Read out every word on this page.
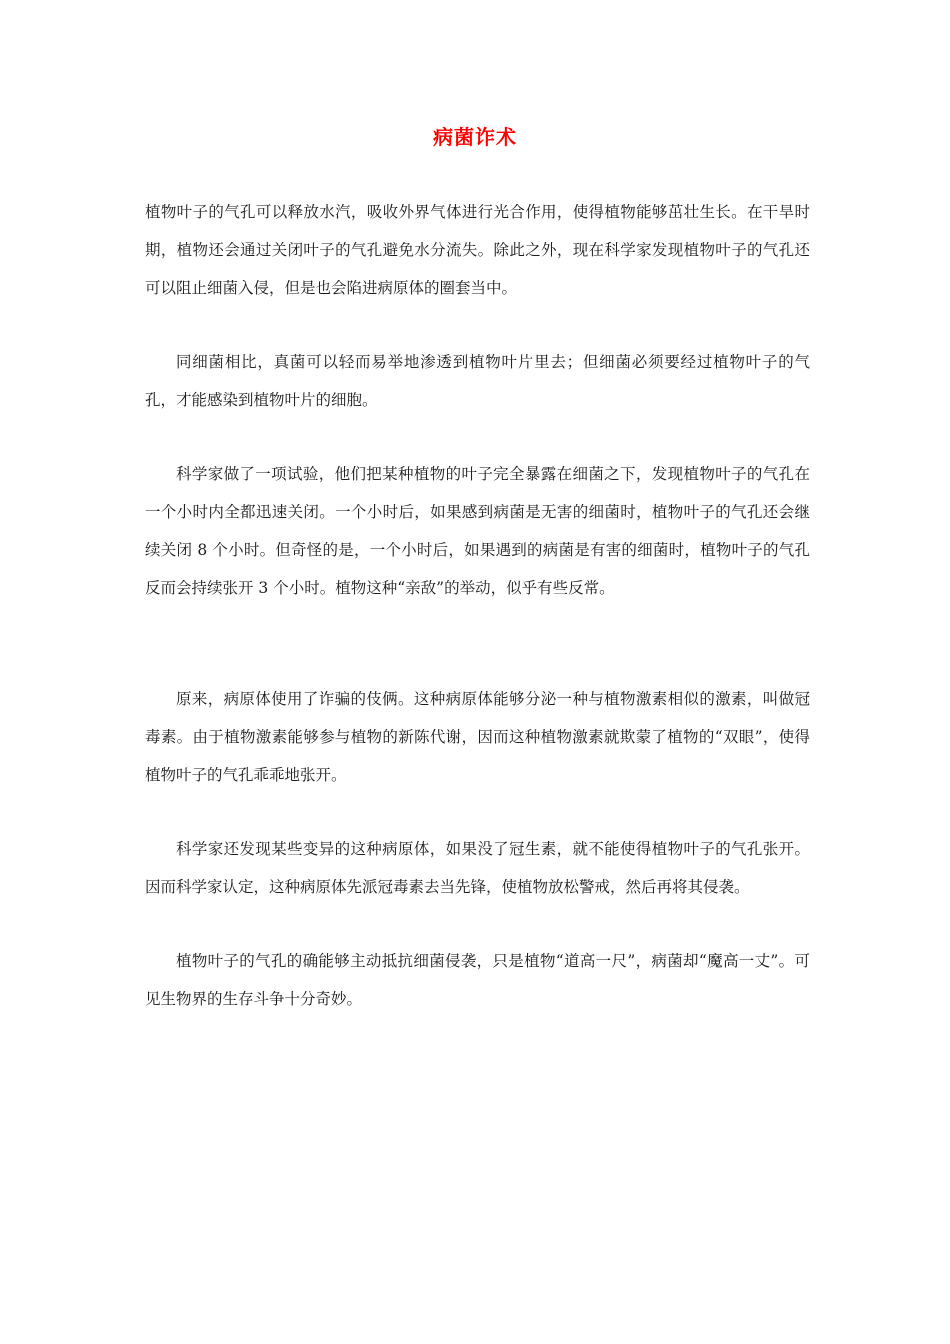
病菌诈术

植物叶子的气孔可以释放水汽，吸收外界气体进行光合作用，使得植物能够茁壮生长。在干旱时期，植物还会通过关闭叶子的气孔避免水分流失。除此之外，现在科学家发现植物叶子的气孔还可以阻止细菌入侵，但是也会陷进病原体的圈套当中。

同细菌相比，真菌可以轻而易举地渗透到植物叶片里去；但细菌必须要经过植物叶子的气孔，才能感染到植物叶片的细胞。

科学家做了一项试验，他们把某种植物的叶子完全暴露在细菌之下，发现植物叶子的气孔在一个小时内全都迅速关闭。一个小时后，如果感到病菌是无害的细菌时，植物叶子的气孔还会继续关闭 8 个小时。但奇怪的是，一个小时后，如果遇到的病菌是有害的细菌时，植物叶子的气孔反而会持续张开 3 个小时。植物这种“亲敌”的举动，似乎有些反常。

原来，病原体使用了诈骗的伎俩。这种病原体能够分泌一种与植物激素相似的激素，叫做冠毒素。由于植物激素能够参与植物的新陈代谢，因而这种植物激素就欺蒙了植物的“双眼”，使得植物叶子的气孔乖乖地张开。

科学家还发现某些变异的这种病原体，如果没了冠生素，就不能使得植物叶子的气孔张开。因而科学家认定，这种病原体先派冠毒素去当先锋，使植物放松警戒，然后再将其侵袭。

植物叶子的气孔的确能够主动抵抗细菌侵袭，只是植物“道高一尺”，病菌却“魔高一丈”。可见生物界的生存斗争十分奇妙。
